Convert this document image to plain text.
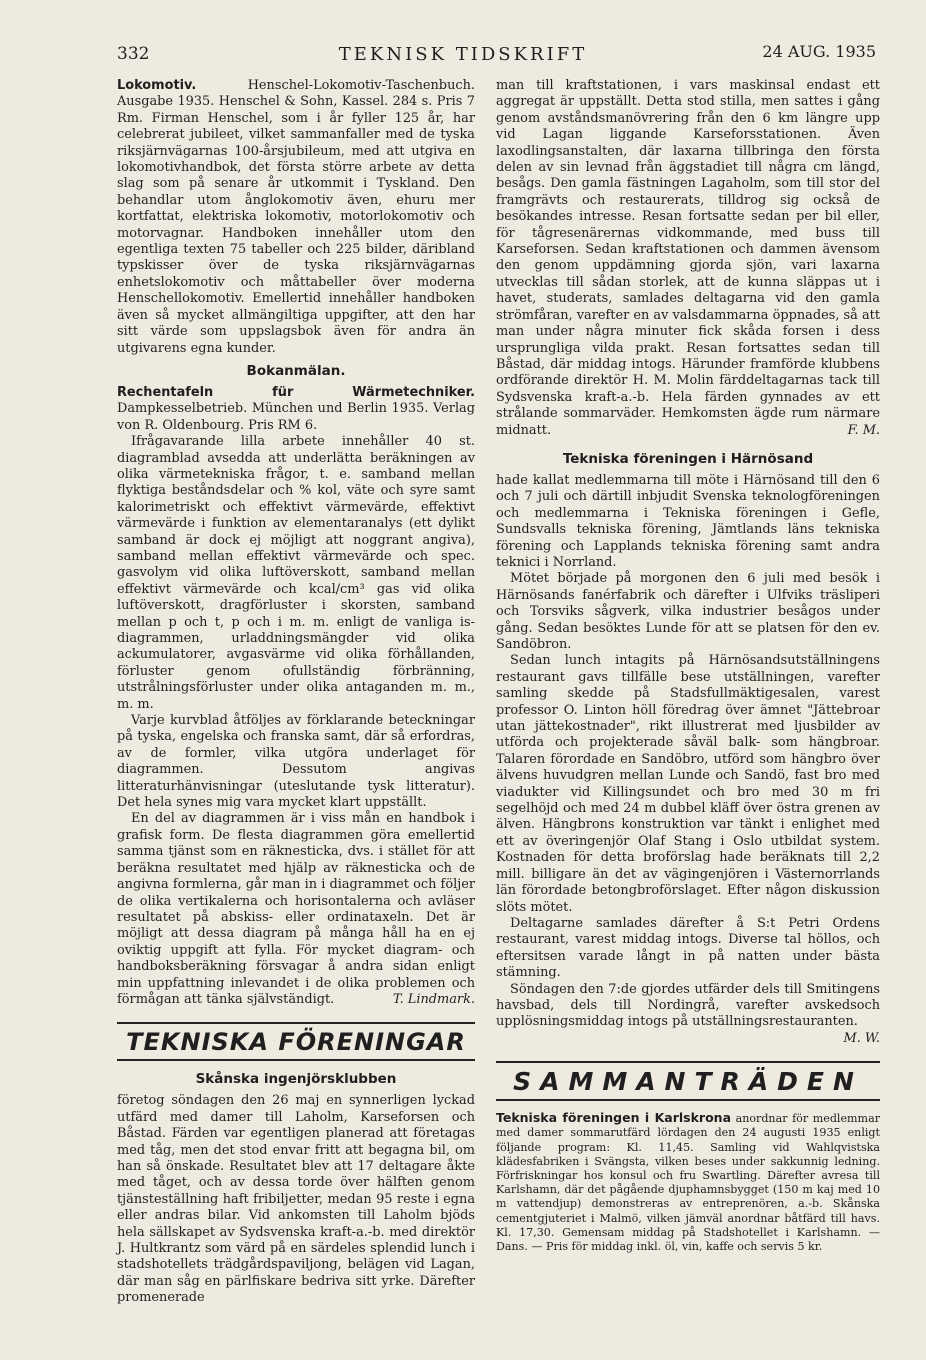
332	TEKNISK TIDSKRIFT	24 AUG. 1935

Lokomotiv.	Henschel-Lokomotiv-Taschenbuch. Ausgabe 1935. Henschel & Sohn, Kassel. 284 s. Pris 7 Rm. Firman Henschel, som i år fyller 125 år, har celebrerat jubileet, vilket sammanfaller med de tyska riksjärnvägarnas 100-årsjubileum, med att utgiva en lokomotivhandbok, det första större arbete av detta slag som på senare år utkommit i Tyskland. Den behandlar utom ånglokomotiv även, ehuru mer kortfattat, elektriska lokomotiv, motorlokomotiv och motorvagnar. Handboken innehåller utom den egentliga texten 75 tabeller och 225 bilder, däribland typskisser över de tyska riksjärnvägarnas enhetslokomotiv och måttabeller över moderna Henschellokomotiv. Emellertid innehåller handboken även så mycket allmängiltiga uppgifter, att den har sitt värde som uppslagsbok även för andra än utgivarens egna kunder.

Bokanmälan.

Rechentafeln für Wärmetechniker. Dampkesselbetrieb. München und Berlin 1935. Verlag von R. Oldenbourg. Pris RM 6.

Ifrågavarande lilla arbete innehåller 40 st. diagramblad avsedda att underlätta beräkningen av olika värmetekniska frågor, t. e. samband mellan flyktiga beståndsdelar och % kol, väte och syre samt kalorimetriskt och effektivt värmevärde, effektivt värmevärde i funktion av elementaranalys (ett dylikt samband är dock ej möjligt att noggrant angiva), samband mellan effektivt värmevärde och spec. gasvolym vid olika luftöverskott, samband mellan effektivt värmevärde och kcal/cm³ gas vid olika luftöverskott, dragförluster i skorsten, samband mellan p och t, p och i m. m. enligt de vanliga is-diagrammen, urladdningsmängder vid olika ackumulatorer, avgasvärme vid olika förhållanden, förluster genom ofullständig förbränning, utstrålningsförluster under olika antaganden m. m., m. m.

Varje kurvblad åtföljes av förklarande beteckningar på tyska, engelska och franska samt, där så erfordras, av de formler, vilka utgöra underlaget för diagrammen. Dessutom angivas litteraturhänvisningar (uteslutande tysk litteratur). Det hela synes mig vara mycket klart uppställt.

En del av diagrammen är i viss mån en handbok i grafisk form. De flesta diagrammen göra emellertid samma tjänst som en räknesticka, dvs. i stället för att beräkna resultatet med hjälp av räknesticka och de angivna formlerna, går man in i diagrammet och följer de olika vertikalerna och horisontalerna och avläser resultatet på abskiss- eller ordinataxeln. Det är möjligt att dessa diagram på många håll ha en ej oviktig uppgift att fylla. För mycket diagram- och handboksberäkning försvagar å andra sidan enligt min uppfattning inlevandet i de olika problemen och förmågan att tänka självständigt.	T. Lindmark.

TEKNISKA FÖRENINGAR
Skånska ingenjörsklubben

företog söndagen den 26 maj en synnerligen lyckad utfärd med damer till Laholm, Karseforsen och Båstad. Färden var egentligen planerad att företagas med tåg, men det stod envar fritt att begagna bil, om han så önskade. Resultatet blev att 17 deltagare åkte med tåget, och av dessa torde över hälften genom tjänsteställning haft fribiljetter, medan 95 reste i egna eller andras bilar. Vid ankomsten till Laholm bjöds hela sällskapet av Sydsvenska kraft-a.-b. med direktör J. Hultkrantz som värd på en särdeles splendid lunch i stadshotellets trädgårdspaviljong, belägen vid Lagan, där man såg en pärlfiskare bedriva sitt yrke. Därefter promenerade

man till kraftstationen, i vars maskinsal endast ett aggregat är uppställt. Detta stod stilla, men sattes i gång genom avståndsmanövrering från den 6 km längre upp vid Lagan liggande Karseforsstationen. Även laxodlingsanstalten, där laxarna tillbringa den första delen av sin levnad från äggstadiet till några cm längd, besågs. Den gamla fästningen Lagaholm, som till stor del framgrävts och restaurerats, tilldrog sig också de besökandes intresse. Resan fortsatte sedan per bil eller, för tågresenärernas vidkommande, med buss till Karseforsen. Sedan kraftstationen och dammen ävensom den genom uppdämning gjorda sjön, vari laxarna utvecklas till sådan storlek, att de kunna släppas ut i havet, studerats, samlades deltagarna vid den gamla strömfåran, varefter en av valsdammarna öppnades, så att man under några minuter fick skåda forsen i dess ursprungliga vilda prakt. Resan fortsattes sedan till Båstad, där middag intogs. Härunder framförde klubbens ordförande direktör H. M. Molin färddeltagarnas tack till Sydsvenska kraft-a.-b. Hela färden gynnades av ett strålande sommarväder. Hemkomsten ägde rum närmare midnatt.	F. M.

Tekniska föreningen i Härnösand

hade kallat medlemmarna till möte i Härnösand till den 6 och 7 juli och därtill inbjudit Svenska teknologföreningen och medlemmarna i Tekniska föreningen i Gefle, Sundsvalls tekniska förening, Jämtlands läns tekniska förening och Lapplands tekniska förening samt andra teknici i Norrland.

Mötet började på morgonen den 6 juli med besök i Härnösands fanérfabrik och därefter i Ulfviks träsliperi och Torsviks sågverk, vilka industrier besågos under gång. Sedan besöktes Lunde för att se platsen för den ev. Sandöbron.

Sedan lunch intagits på Härnösandsutställningens restaurant gavs tillfälle bese utställningen, varefter samling skedde på Stadsfullmäktigesalen, varest professor O. Linton höll föredrag över ämnet "Jättebroar utan jättekostnader", rikt illustrerat med ljusbilder av utförda och projekterade såväl balk- som hängbroar. Talaren förordade en Sandöbro, utförd som hängbro över älvens huvudgren mellan Lunde och Sandö, fast bro med viadukter vid Killingsundet och bro med 30 m fri segelhöjd och med 24 m dubbel kläff över östra grenen av älven. Hängbrons konstruktion var tänkt i enlighet med ett av överingenjör Olaf Stang i Oslo utbildat system. Kostnaden för detta broförslag hade beräknats till 2,2 mill. billigare än det av vägingenjören i Västernorrlands län förordade betongbroförslaget. Efter någon diskussion slöts mötet.

Deltagarne samlades därefter å S:t Petri Ordens restaurant, varest middag intogs. Diverse tal höllos, och eftersitsen varade långt in på natten under bästa stämning.

Söndagen den 7:de gjordes utfärder dels till Smitingens havsbad, dels till Nordingrå, varefter avskedsoch upplösningsmiddag intogs på utställningsrestauranten.
M. W.

SAMMANTRÄDEN

Tekniska föreningen i Karlskrona anordnar för medlemmar med damer sommarutfärd lördagen den 24 augusti 1935 enligt följande program: Kl. 11,45. Samling vid Wahlqvistska klädesfabriken i Svängsta, vilken beses under sakkunnig ledning. Förfriskningar hos konsul och fru Swartling. Därefter avresa till Karlshamn, där det pågående djuphamnsbygget (150 m kaj med 10 m vattendjup) demonstreras av entreprenören, a.-b. Skånska cementgjuteriet i Malmö, vilken jämväl anordnar båtfärd till havs. Kl. 17,30. Gemensam middag på Stadshotellet i Karlshamn. — Dans. — Pris för middag inkl. öl, vin, kaffe och servis 5 kr.
